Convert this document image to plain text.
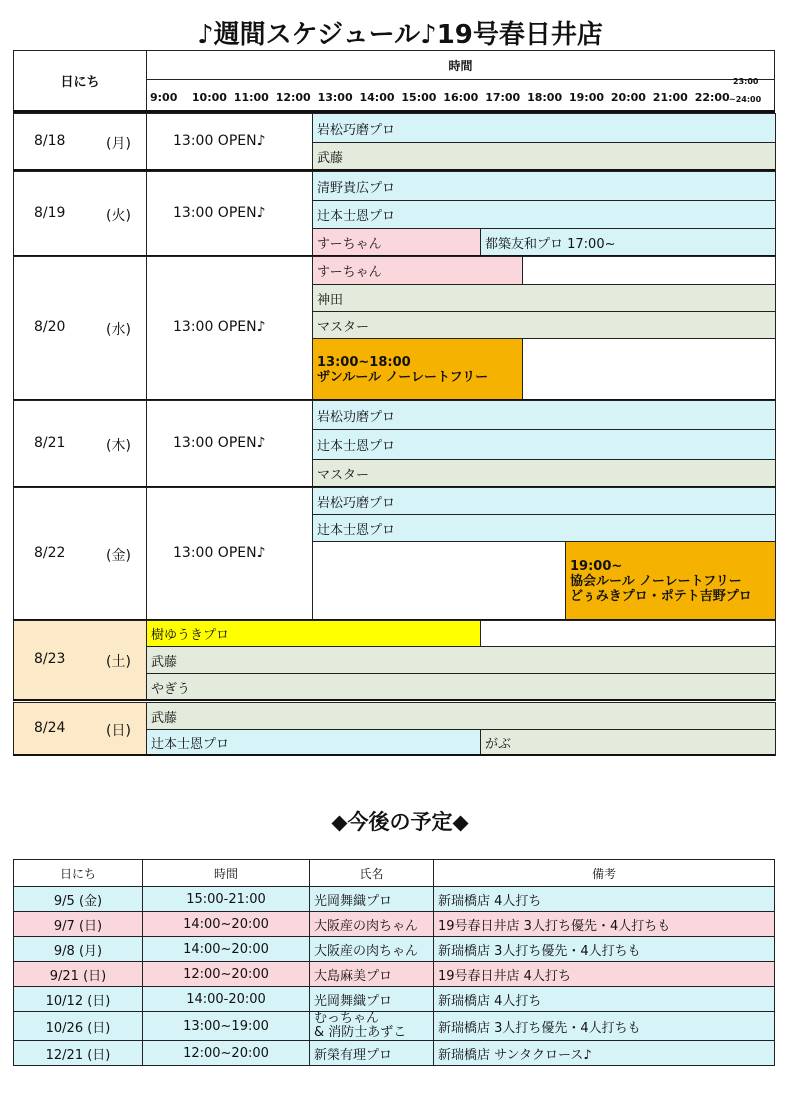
♪週間スケジュール♪19号春日井店
日にち
時間
9:00 10:00 11:00 12:00 13:00 14:00 15:00 16:00 17:00 18:00 19:00 20:00 21:00 22:00
23:00
~24:00
8/18	(月)	13:00 OPEN♪
岩松巧磨プロ
武藤
8/19	(火)	13:00 OPEN♪
清野貴広プロ
辻本士恩プロ
すーちゃん	都築友和プロ 17:00~
8/20	(水)	13:00 OPEN♪
すーちゃん
神田
マスター
13:00~18:00
ザンルール ノーレートフリー
8/21	(木)	13:00 OPEN♪
岩松功磨プロ
辻本士恩プロ
マスター
8/22	(金)	13:00 OPEN♪
岩松巧磨プロ
辻本士恩プロ
19:00~
協会ルール ノーレートフリー
どぅみきプロ・ポテト吉野プロ
8/23	(土)
樹ゆうきプロ
武藤
やぎう
8/24	(日)
武藤
辻本士恩プロ	がぶ
◆今後の予定◆
日にち	時間	氏名	備考
9/5 (金)	15:00-21:00	光岡舞織プロ	新瑞橋店 4人打ち
9/7 (日)	14:00~20:00	大阪産の肉ちゃん	19号春日井店 3人打ち優先・4人打ちも
9/8 (月)	14:00~20:00	大阪産の肉ちゃん	新瑞橋店 3人打ち優先・4人打ちも
9/21 (日)	12:00~20:00	大島麻美プロ	19号春日井店 4人打ち
10/12 (日)	14:00-20:00	光岡舞織プロ	新瑞橋店 4人打ち
10/26 (日)	13:00~19:00	むっちゃん
& 消防士あずこ	新瑞橋店 3人打ち優先・4人打ちも
12/21 (日)	12:00~20:00	新榮有理プロ	新瑞橋店 サンタクロース♪
